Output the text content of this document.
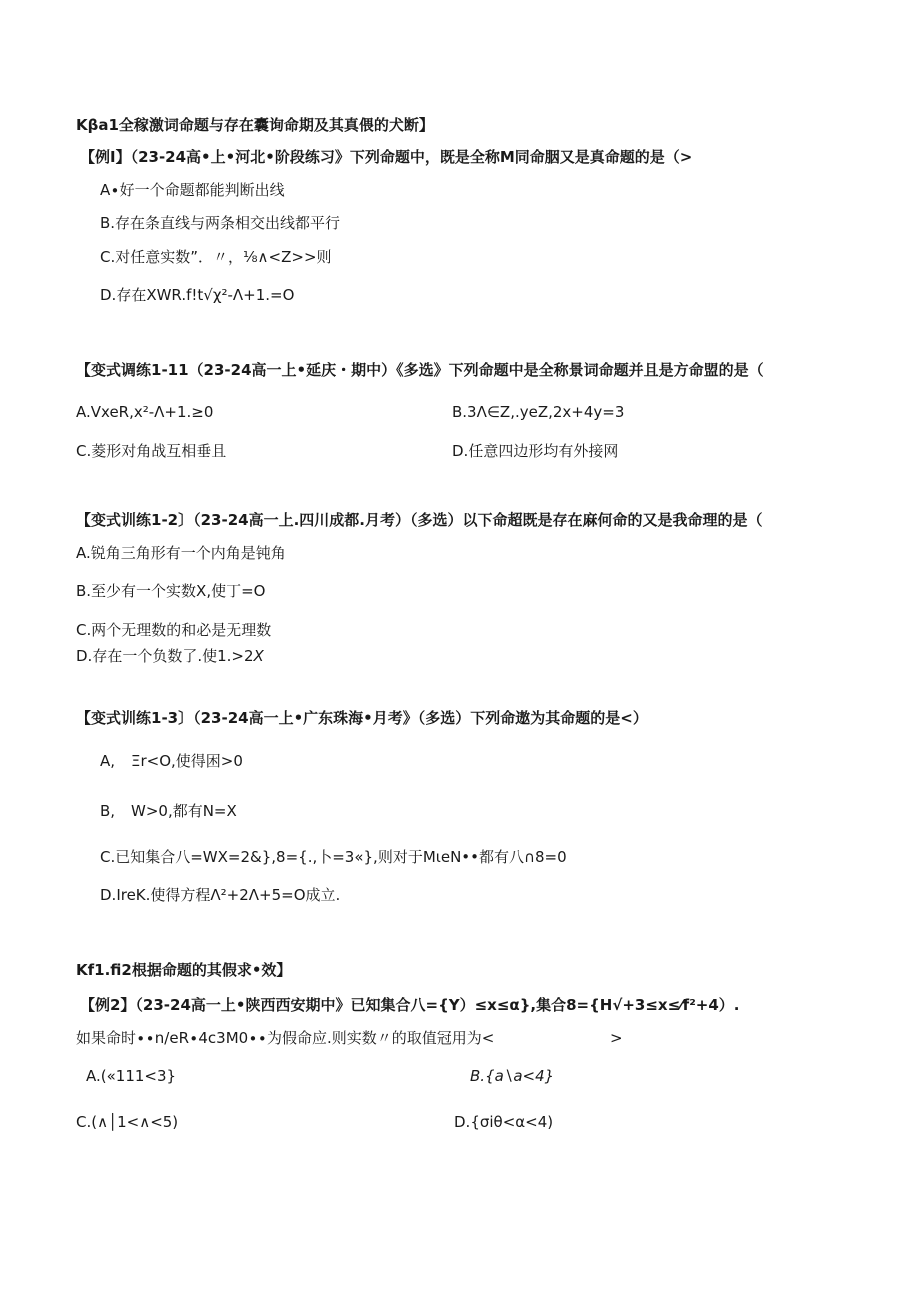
Kβa1全稼激词命题与存在囊询命期及其真偎的犬断】
【例I】（23-24高•上•河北•阶段练习》下列命题中，既是全称M同命胭又是真命题的是（>
A∙好一个命题都能判断出线
B.存在条直线与两条相交出线都平行
C.对任意实数”．〃，⅛∧<Z>>则
D.存在XWR.f!t√χ²-Λ+1.=O
【变式调练1-11（23-24高一上•延庆・期中）《多选》下列命题中是全称景词命题并且是方命盟的是（
A.VxeR,x²-Λ+1.≥0	B.3Λ∈Z,.yeZ,2x+4y=3
C.菱形对角战互相垂且	D.任意四边形均有外接网
【变式训练1-2〕（23-24高一上.四川成都.月考）（多选）以下命超既是存在麻何命的又是我命理的是（
A.锐角三角形有一个内角是钝角
B.至少有一个实数X,使丁=O
C.两个无理数的和必是无理数
D.存在一个负数了.使1.>2X
【变式训练1-3〕（23-24高一上•广东珠海•月考》（多选）下列命遨为其命题的是<）
A, Ξr<O,使得困>0
B, W>0,都有N=X
C.已知集合八=WX=2&},8={.,卜=3«},则对于MιeN••都有八∩8=0
D.IreK.使得方程Λ²+2Λ+5=O成立.
Kf1.fi2根据命题的其假求•效】
【例2】（23-24高一上•陕西西安期中》已知集合八={Y）≤x≤α},集合8={H√+3≤x≤⁄f²+4）.
如果命时∙∙n/eR∙4c3M0∙∙为假命应.则实数〃的取值冠用为<	>
A.(«111<3}	B.{a∖a<4}
C.(∧│1<∧<5)	D.{σiθ<α<4)
